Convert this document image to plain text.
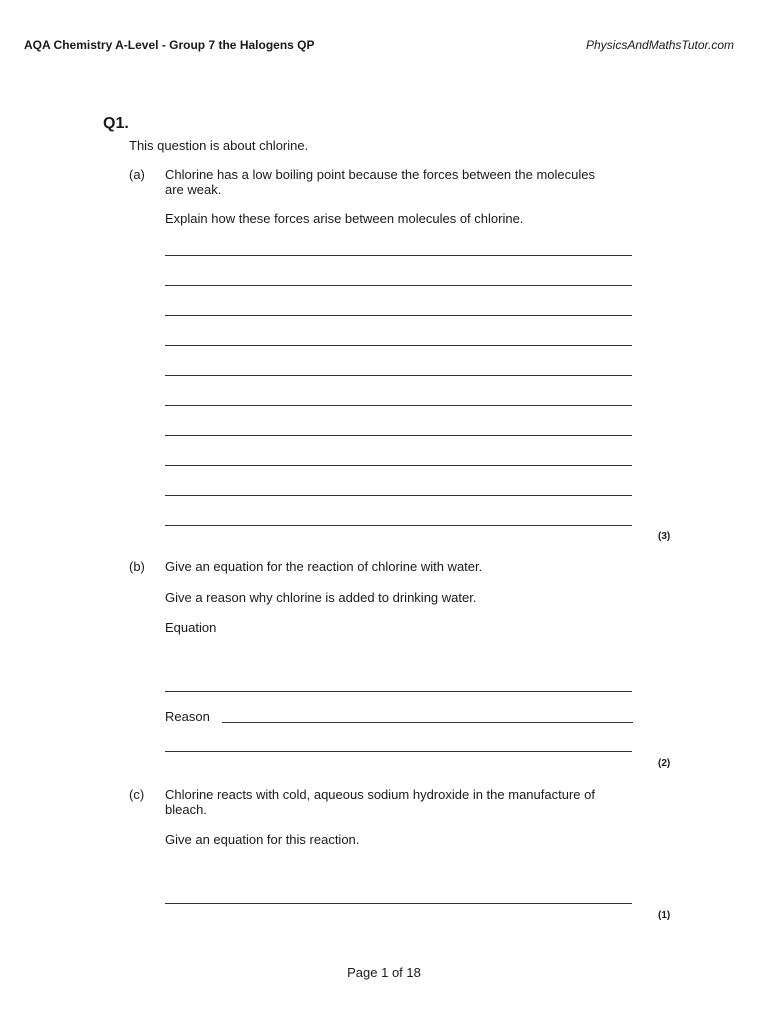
AQA Chemistry A-Level - Group 7 the Halogens QP	PhysicsAndMathsTutor.com
Q1.
This question is about chlorine.
(a) Chlorine has a low boiling point because the forces between the molecules
are weak.
Explain how these forces arise between molecules of chlorine.
(3)
(b) Give an equation for the reaction of chlorine with water.
Give a reason why chlorine is added to drinking water.
Equation
Reason
(2)
(c) Chlorine reacts with cold, aqueous sodium hydroxide in the manufacture of
bleach.
Give an equation for this reaction.
(1)
Page 1 of 18
